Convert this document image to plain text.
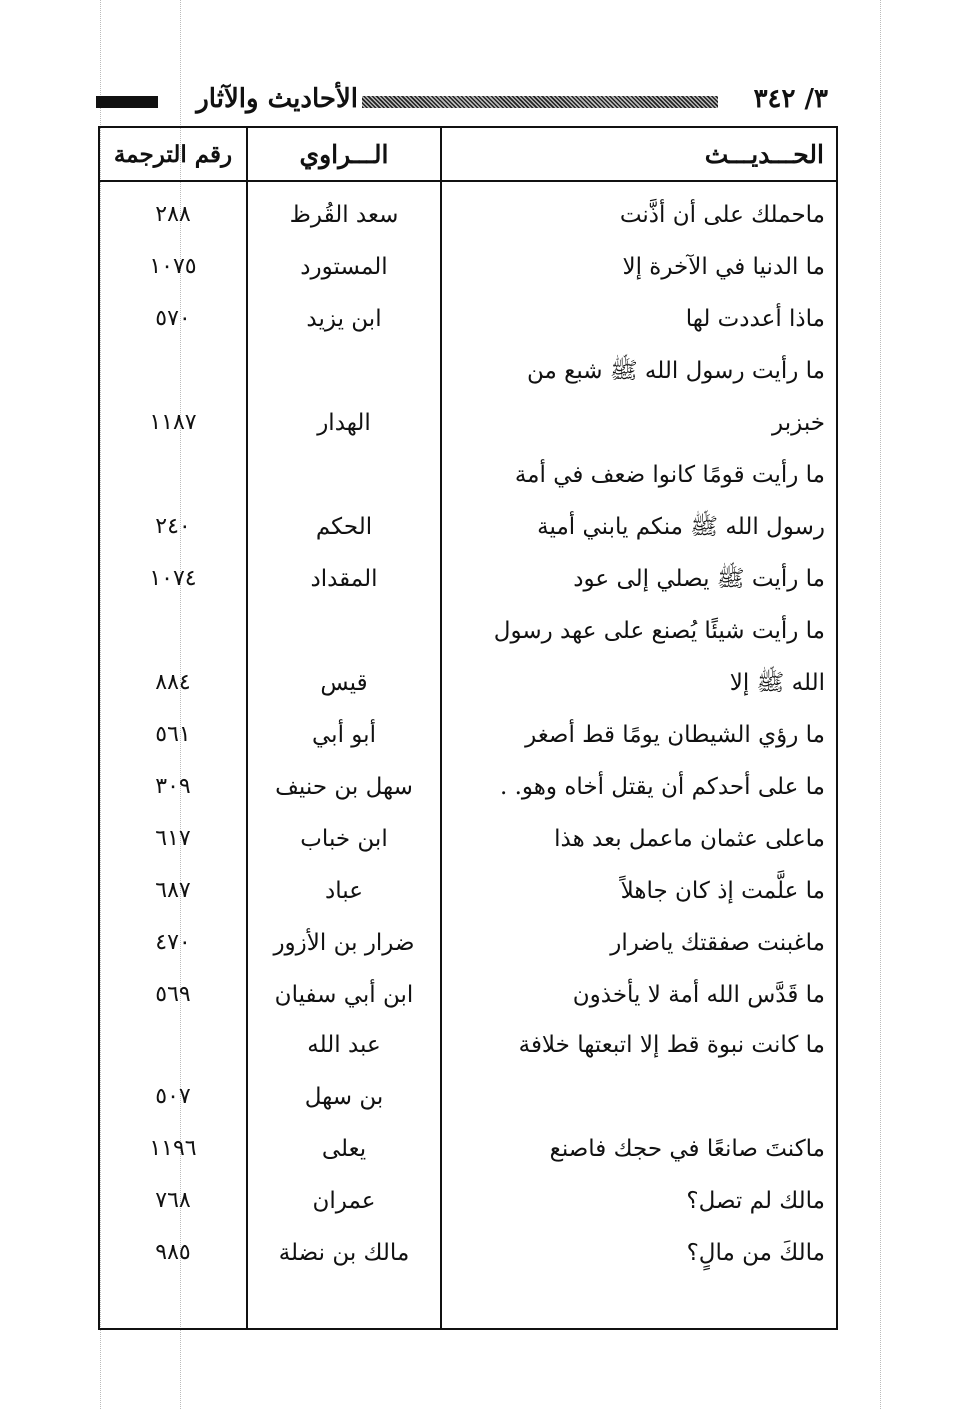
٣/ ٣٤٢
الأحاديث والآثار
الحـــديـــث
الـــراوي
رقم الترجمة
ماحملك على أن أذَّنت
سعد القُرظ
٢٨٨
ما الدنيا في الآخرة إلا
المستورد
١٠٧٥
ماذا أعددت لها
ابن يزيد
٥٧٠
ما رأيت رسول الله ﷺ شبع من
خبزبر
الهدار
١١٨٧
ما رأيت قومًا كانوا ضعف في أمة
رسول الله ﷺ منكم يابني أمية
الحكم
٢٤٠
ما رأيت ﷺ يصلي إلى عود
المقداد
١٠٧٤
ما رأيت شيئًا يُصنع على عهد رسول
الله ﷺ إلا
قيس
٨٨٤
ما رؤي الشيطان يومًا قط أصغر
أبو أبي
٥٦١
ما على أحدكم أن يقتل أخاه وهو. .
سهل بن حنيف
٣٠٩
ماعلى عثمان ماعمل بعد هذا
ابن خباب
٦١٧
ما علَّمت إذ كان جاهلاً
عباد
٦٨٧
ماغبنت صفقتك ياضرار
ضرار بن الأزور
٤٧٠
ما قَدَّس الله أمة لا يأخذون
ابن أبي سفيان
٥٦٩
ما كانت نبوة قط إلا اتبعتها خلافة
عبد الله
بن سهل
٥٠٧
ماكنتَ صانعًا في حجك فاصنع
يعلى
١١٩٦
مالك لم تصل؟
عمران
٧٦٨
مالكَ من مالٍ؟
مالك بن نضلة
٩٨٥
